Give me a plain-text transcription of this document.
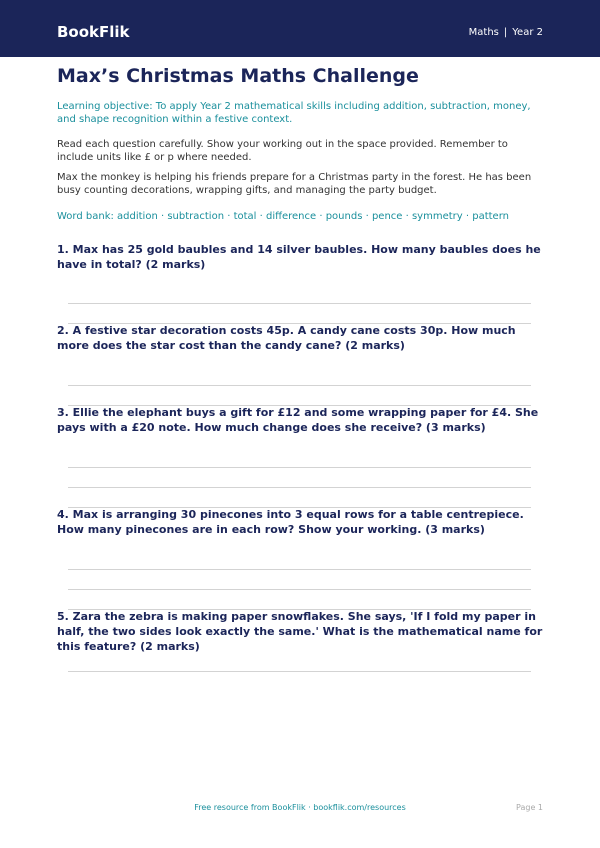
BookFlik	Maths | Year 2
Max’s Christmas Maths Challenge

Learning objective: To apply Year 2 mathematical skills including addition, subtraction, money, and shape recognition within a festive context.

Read each question carefully. Show your working out in the space provided. Remember to include units like £ or p where needed.

Max the monkey is helping his friends prepare for a Christmas party in the forest. He has been busy counting decorations, wrapping gifts, and managing the party budget.

Word bank: addition · subtraction · total · difference · pounds · pence · symmetry · pattern

1. Max has 25 gold baubles and 14 silver baubles. How many baubles does he have in total? (2 marks)

2. A festive star decoration costs 45p. A candy cane costs 30p. How much more does the star cost than the candy cane? (2 marks)

3. Ellie the elephant buys a gift for £12 and some wrapping paper for £4. She pays with a £20 note. How much change does she receive? (3 marks)

4. Max is arranging 30 pinecones into 3 equal rows for a table centrepiece. How many pinecones are in each row? Show your working. (3 marks)

5. Zara the zebra is making paper snowflakes. She says, 'If I fold my paper in half, the two sides look exactly the same.' What is the mathematical name for this feature? (2 marks)

Free resource from BookFlik · bookflik.com/resources	Page 1
